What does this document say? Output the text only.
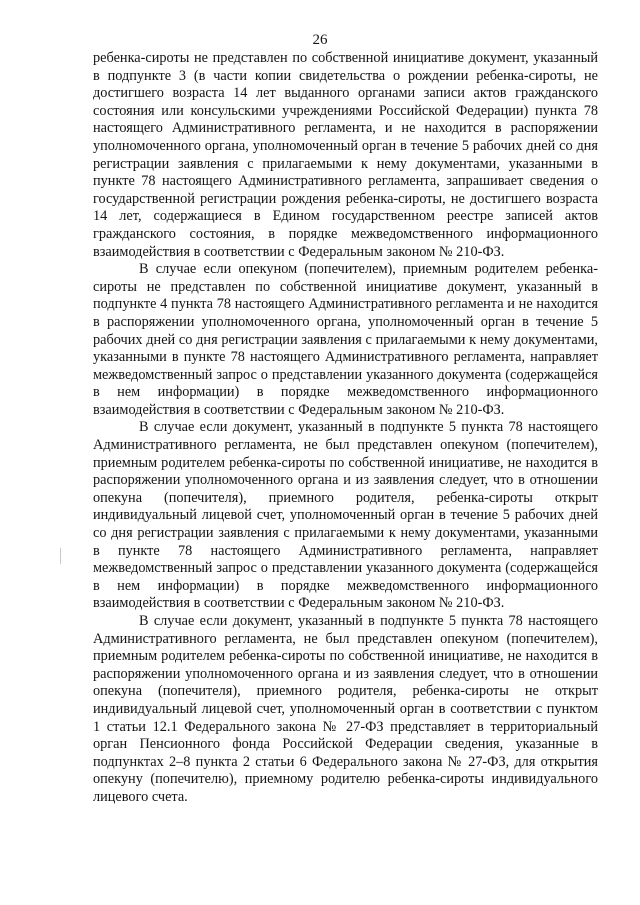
26

ребенка-сироты не представлен по собственной инициативе документ, указанный в подпункте 3 (в части копии свидетельства о рождении ребенка-сироты, не достигшего возраста 14 лет выданного органами записи актов гражданского состояния или консульскими учреждениями Российской Федерации) пункта 78 настоящего Административного регламента, и не находится в распоряжении уполномоченного органа, уполномоченный орган в течение 5 рабочих дней со дня регистрации заявления с прилагаемыми к нему документами, указанными в пункте 78 настоящего Административного регламента, запрашивает сведения о государственной регистрации рождения ребенка-сироты, не достигшего возраста 14 лет, содержащиеся в Едином государственном реестре записей актов гражданского состояния, в порядке межведомственного информационного взаимодействия в соответствии с Федеральным законом № 210-ФЗ.

В случае если опекуном (попечителем), приемным родителем ребенка-сироты не представлен по собственной инициативе документ, указанный в подпункте 4 пункта 78 настоящего Административного регламента и не находится в распоряжении уполномоченного органа, уполномоченный орган в течение 5 рабочих дней со дня регистрации заявления с прилагаемыми к нему документами, указанными в пункте 78 настоящего Административного регламента, направляет межведомственный запрос о представлении указанного документа (содержащейся в нем информации) в порядке межведомственного информационного взаимодействия в соответствии с Федеральным законом № 210-ФЗ.

В случае если документ, указанный в подпункте 5 пункта 78 настоящего Административного регламента, не был представлен опекуном (попечителем), приемным родителем ребенка-сироты по собственной инициативе, не находится в распоряжении уполномоченного органа и из заявления следует, что в отношении опекуна (попечителя), приемного родителя, ребенка-сироты открыт индивидуальный лицевой счет, уполномоченный орган в течение 5 рабочих дней со дня регистрации заявления с прилагаемыми к нему документами, указанными в пункте 78 настоящего Административного регламента, направляет межведомственный запрос о представлении указанного документа (содержащейся в нем информации) в порядке межведомственного информационного взаимодействия в соответствии с Федеральным законом № 210-ФЗ.

В случае если документ, указанный в подпункте 5 пункта 78 настоящего Административного регламента, не был представлен опекуном (попечителем), приемным родителем ребенка-сироты по собственной инициативе, не находится в распоряжении уполномоченного органа и из заявления следует, что в отношении опекуна (попечителя), приемного родителя, ребенка-сироты не открыт индивидуальный лицевой счет, уполномоченный орган в соответствии с пунктом 1 статьи 12.1 Федерального закона № 27-ФЗ представляет в территориальный орган Пенсионного фонда Российской Федерации сведения, указанные в подпунктах 2–8 пункта 2 статьи 6 Федерального закона № 27-ФЗ, для открытия опекуну (попечителю), приемному родителю ребенка-сироты индивидуального лицевого счета.
